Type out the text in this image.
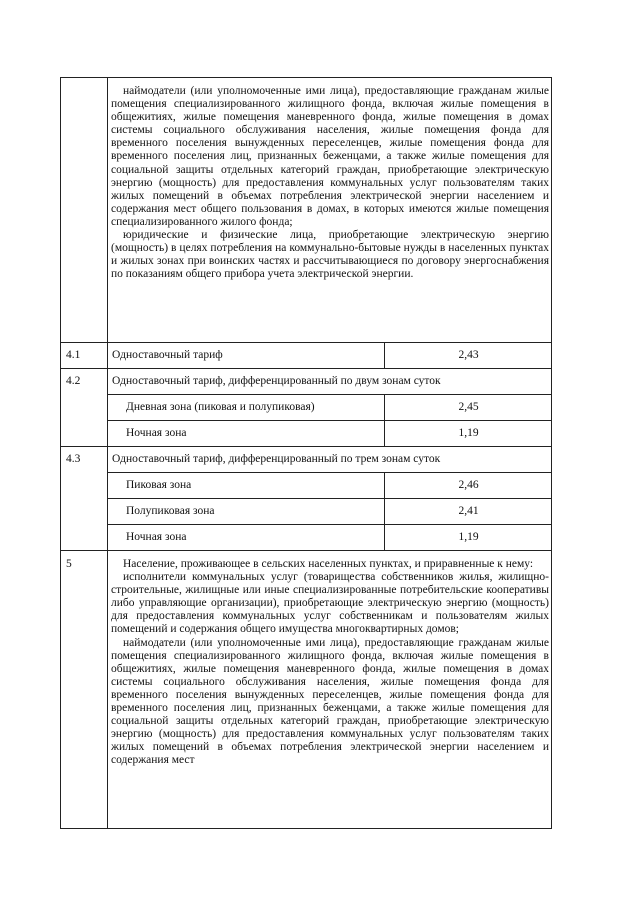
наймодатели (или уполномоченные ими лица), предоставляющие гражданам жилые помещения специализированного жилищного фонда, включая жилые помещения в общежитиях, жилые помещения маневренного фонда, жилые помещения в домах системы социального обслуживания населения, жилые помещения фонда для временного поселения вынужденных переселенцев, жилые помещения фонда для временного поселения лиц, признанных беженцами, а также жилые помещения для социальной защиты отдельных категорий граждан, приобретающие электрическую энергию (мощность) для предоставления коммунальных услуг пользователям таких жилых помещений в объемах потребления электрической энергии населением и содержания мест общего пользования в домах, в которых имеются жилые помещения специализированного жилого фонда;

юридические и физические лица, приобретающие электрическую энергию (мощность) в целях потребления на коммунально-бытовые нужды в населенных пунктах и жилых зонах при воинских частях и рассчитывающиеся по договору энергоснабжения по показаниям общего прибора учета электрической энергии.

4.1	Одноставочный тариф	2,43
4.2	Одноставочный тариф, дифференцированный по двум зонам суток
Дневная зона (пиковая и полупиковая)	2,45
Ночная зона	1,19
4.3	Одноставочный тариф, дифференцированный по трем зонам суток
Пиковая зона	2,46
Полупиковая зона	2,41
Ночная зона	1,19
5	Население, проживающее в сельских населенных пунктах, и приравненные к нему:

исполнители коммунальных услуг (товарищества собственников жилья, жилищно-строительные, жилищные или иные специализированные потребительские кооперативы либо управляющие организации), приобретающие электрическую энергию (мощность) для предоставления коммунальных услуг собственникам и пользователям жилых помещений и содержания общего имущества многоквартирных домов;

наймодатели (или уполномоченные ими лица), предоставляющие гражданам жилые помещения специализированного жилищного фонда, включая жилые помещения в общежитиях, жилые помещения маневренного фонда, жилые помещения в домах системы социального обслуживания населения, жилые помещения фонда для временного поселения вынужденных переселенцев, жилые помещения фонда для временного поселения лиц, признанных беженцами, а также жилые помещения для социальной защиты отдельных категорий граждан, приобретающие электрическую энергию (мощность) для предоставления коммунальных услуг пользователям таких жилых помещений в объемах потребления электрической энергии населением и содержания мест
